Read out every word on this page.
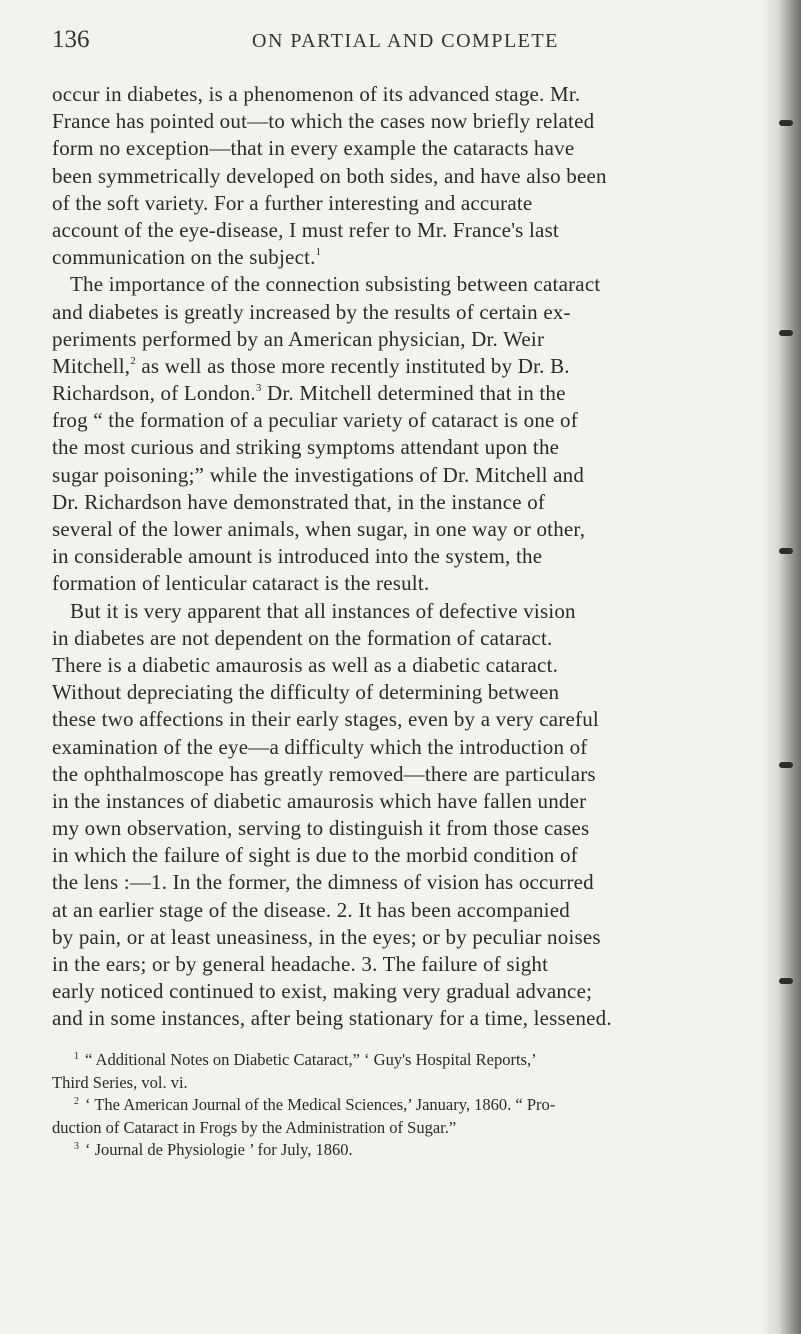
136	ON PARTIAL AND COMPLETE
occur in diabetes, is a phenomenon of its advanced stage. Mr.
France has pointed out—to which the cases now briefly related
form no exception—that in every example the cataracts have
been symmetrically developed on both sides, and have also been
of the soft variety. For a further interesting and accurate
account of the eye-disease, I must refer to Mr. France's last
communication on the subject.$^1$
The importance of the connection subsisting between cataract
and diabetes is greatly increased by the results of certain ex-
periments performed by an American physician, Dr. Weir
Mitchell,$^2$ as well as those more recently instituted by Dr. B.
Richardson, of London.$^3$ Dr. Mitchell determined that in the
frog “ the formation of a peculiar variety of cataract is one of
the most curious and striking symptoms attendant upon the
sugar poisoning;” while the investigations of Dr. Mitchell and
Dr. Richardson have demonstrated that, in the instance of
several of the lower animals, when sugar, in one way or other,
in considerable amount is introduced into the system, the
formation of lenticular cataract is the result.
But it is very apparent that all instances of defective vision
in diabetes are not dependent on the formation of cataract.
There is a diabetic amaurosis as well as a diabetic cataract.
Without depreciating the difficulty of determining between
these two affections in their early stages, even by a very careful
examination of the eye—a difficulty which the introduction of
the ophthalmoscope has greatly removed—there are particulars
in the instances of diabetic amaurosis which have fallen under
my own observation, serving to distinguish it from those cases
in which the failure of sight is due to the morbid condition of
the lens :—1. In the former, the dimness of vision has occurred
at an earlier stage of the disease. 2. It has been accompanied
by pain, or at least uneasiness, in the eyes; or by peculiar noises
in the ears; or by general headache. 3. The failure of sight
early noticed continued to exist, making very gradual advance;
and in some instances, after being stationary for a time, lessened.
$^1$ “ Additional Notes on Diabetic Cataract,” ‘ Guy's Hospital Reports,’
Third Series, vol. vi.
$^2$ ‘ The American Journal of the Medical Sciences,’ January, 1860. “ Pro-
duction of Cataract in Frogs by the Administration of Sugar.”
$^3$ ‘ Journal de Physiologie ’ for July, 1860.
